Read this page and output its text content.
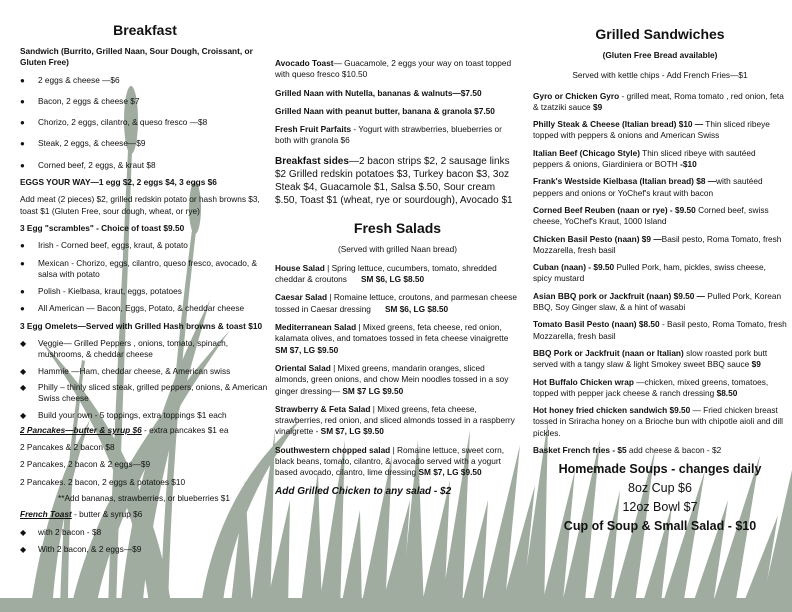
Breakfast

Sandwich (Burrito, Grilled Naan, Sour Dough, Croissant, or Gluten Free)

●	2 eggs & cheese —$6
●	Bacon, 2 eggs & cheese $7
●	Chorizo, 2 eggs, cilantro, & queso fresco —$8
●	Steak, 2 eggs, & cheese—$9
●	Corned beef, 2 eggs, & kraut $8

EGGS YOUR WAY—1 egg $2, 2 eggs $4, 3 eggs $6

Add meat (2 pieces) $2, grilled redskin potato or hash browns $3, toast $1 (Gluten Free, sour dough, wheat, or rye)

3 Egg "scrambles" - Choice of toast $9.50

●	Irish - Corned beef, eggs, kraut, & potato
●	Mexican - Chorizo, eggs, cilantro, queso fresco, avocado, & salsa with potato
●	Polish - Kielbasa, kraut, eggs, potatoes
●	All American — Bacon, Eggs, Potato, & cheddar cheese

3 Egg Omelets—Served with Grilled Hash browns & toast $10

◆	Veggie— Grilled Peppers , onions, tomato, spinach, mushrooms, & cheddar cheese
◆	Hammie —Ham, cheddar cheese, & American swiss
◆	Philly – thinly sliced steak, grilled peppers, onions, & American Swiss cheese
◆	Build your own - 5 toppings, extra toppings $1 each

2 Pancakes—butter & syrup $6 - extra pancakes $1 ea

2 Pancakes & 2 bacon $8

2 Pancakes, 2 bacon & 2 eggs—$9

2 Pancakes. 2 bacon, 2 eggs & potatoes $10

**Add bananas, strawberries, or blueberries $1

French Toast - butter & syrup $6

◆	with 2 bacon - $8
◆	With 2 bacon, & 2 eggs—$9

Avocado Toast— Guacamole, 2 eggs your way on toast topped with queso fresco $10.50

Grilled Naan with Nutella, bananas & walnuts—$7.50

Grilled Naan with peanut butter, banana & granola $7.50

Fresh Fruit Parfaits - Yogurt with strawberries, blueberries or both with granola $6

Breakfast sides—2 bacon strips $2, 2 sausage links $2 Grilled redskin potatoes $3, Turkey bacon $3, 3oz Steak $4, Guacamole $1, Salsa $.50, Sour cream $.50, Toast $1 (wheat, rye or sourdough), Avocado $1

Fresh Salads

(Served with grilled Naan bread)

House Salad | Spring lettuce, cucumbers, tomato, shredded cheddar & croutons SM $6, LG $8.50

Caesar Salad | Romaine lettuce, croutons, and parmesan cheese tossed in Caesar dressing SM $6, LG $8.50

Mediterranean Salad | Mixed greens, feta cheese, red onion, kalamata olives, and tomatoes tossed in feta cheese vinaigrette SM $7, LG $9.50

Oriental Salad | Mixed greens, mandarin oranges, sliced almonds, green onions, and chow Mein noodles tossed in a soy ginger dressing— SM $7 LG $9.50

Strawberry & Feta Salad | Mixed greens, feta cheese, strawberries, red onion, and sliced almonds tossed in a raspberry vinaigrette - SM $7, LG $9.50

Southwestern chopped salad | Romaine lettuce, sweet corn, black beans, tomato, cilantro, & avocado served with a yogurt based avocado, cilantro, lime dressing SM $7, LG $9.50

Add Grilled Chicken to any salad - $2

Grilled Sandwiches

(Gluten Free Bread available)

Served with kettle chips - Add French Fries—$1

Gyro or Chicken Gyro - grilled meat, Roma tomato , red onion, feta & tzatziki sauce $9

Philly Steak & Cheese (Italian bread) $10 — Thin sliced ribeye topped with peppers & onions and American Swiss

Italian Beef (Chicago Style) Thin sliced ribeye with sautéed peppers & onions, Giardiniera or BOTH -$10

Frank's Westside Kielbasa (Italian bread) $8 —with sautéed peppers and onions or YoChef's kraut with bacon

Corned Beef Reuben (naan or rye) - $9.50 Corned beef, swiss cheese, YoChef's Kraut, 1000 Island

Chicken Basil Pesto (naan) $9 —Basil pesto, Roma Tomato, fresh Mozzarella, fresh basil

Cuban (naan) - $9.50 Pulled Pork, ham, pickles, swiss cheese, spicy mustard

Asian BBQ pork or Jackfruit (naan) $9.50 — Pulled Pork, Korean BBQ, Soy Ginger slaw, & a hint of wasabi

Tomato Basil Pesto (naan) $8.50 - Basil pesto, Roma Tomato, fresh Mozzarella, fresh basil

BBQ Pork or Jackfruit (naan or Italian) slow roasted pork butt served with a tangy slaw & light Smokey sweet BBQ sauce $9

Hot Buffalo Chicken wrap —chicken, mixed greens, tomatoes, topped with pepper jack cheese & ranch dressing $8.50

Hot honey fried chicken sandwich $9.50 — Fried chicken breast tossed in Sriracha honey on a Brioche bun with chipotle aioli and dill pickles.

Basket French fries - $5 add cheese & bacon - $2

Homemade Soups - changes daily

8oz Cup $6

12oz Bowl $7

Cup of Soup & Small Salad - $10
